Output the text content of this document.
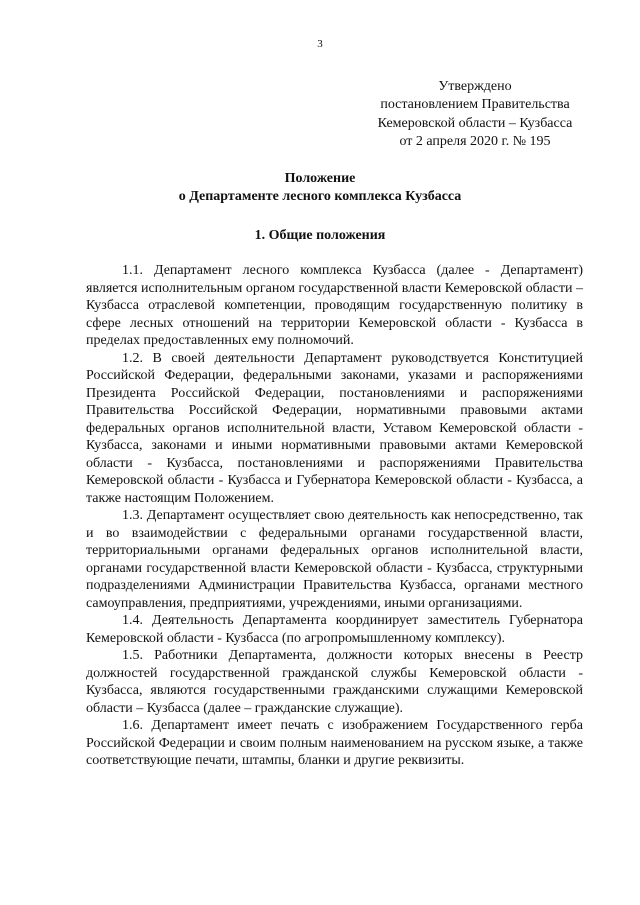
3
Утверждено
постановлением Правительства
Кемеровской области – Кузбасса
от 2 апреля 2020 г. № 195
Положение
о Департаменте лесного комплекса Кузбасса
1. Общие положения

1.1. Департамент лесного комплекса Кузбасса (далее - Департамент) является исполнительным органом государственной власти Кемеровской области – Кузбасса отраслевой компетенции, проводящим государственную политику в сфере лесных отношений на территории Кемеровской области - Кузбасса в пределах предоставленных ему полномочий.

1.2. В своей деятельности Департамент руководствуется Конституцией Российской Федерации, федеральными законами, указами и распоряжениями Президента Российской Федерации, постановлениями и распоряжениями Правительства Российской Федерации, нормативными правовыми актами федеральных органов исполнительной власти, Уставом Кемеровской области - Кузбасса, законами и иными нормативными правовыми актами Кемеровской области - Кузбасса, постановлениями и распоряжениями Правительства Кемеровской области - Кузбасса и Губернатора Кемеровской области - Кузбасса, а также настоящим Положением.

1.3. Департамент осуществляет свою деятельность как непосредственно, так и во взаимодействии с федеральными органами государственной власти, территориальными органами федеральных органов исполнительной власти, органами государственной власти Кемеровской области - Кузбасса, структурными подразделениями Администрации Правительства Кузбасса, органами местного самоуправления, предприятиями, учреждениями, иными организациями.

1.4. Деятельность Департамента координирует заместитель Губернатора Кемеровской области - Кузбасса (по агропромышленному комплексу).

1.5. Работники Департамента, должности которых внесены в Реестр должностей государственной гражданской службы Кемеровской области - Кузбасса, являются государственными гражданскими служащими Кемеровской области – Кузбасса (далее – гражданские служащие).

1.6. Департамент имеет печать с изображением Государственного герба Российской Федерации и своим полным наименованием на русском языке, а также соответствующие печати, штампы, бланки и другие реквизиты.
